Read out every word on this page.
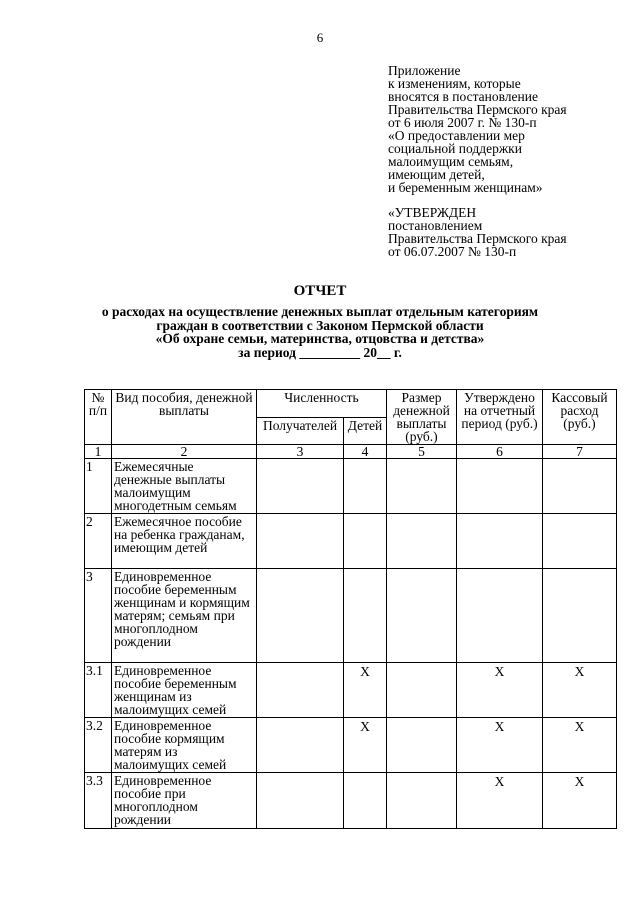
6
Приложение
к изменениям, которые
вносятся в постановление
Правительства Пермского края
от 6 июля 2007 г. № 130-п
«О предоставлении мер
социальной поддержки
малоимущим семьям,
имеющим детей,
и беременным женщинам»
«УТВЕРЖДЕН
постановлением
Правительства Пермского края
от 06.07.2007 № 130-п
ОТЧЕТ
о расходах на осуществление денежных выплат отдельным категориям
граждан в соответствии с Законом Пермской области
«Об охране семьи, материнства, отцовства и детства»
за период _________ 20__ г.
№ п/п	Вид пособия, денежной выплаты	Численность		Размер денежной выплаты (руб.)	Утверждено на отчетный период (руб.)	Кассовый расход (руб.)
		Получателей	Детей			
1	2	3	4	5	6	7
1	Ежемесячные денежные выплаты малоимущим многодетным семьям					
2	Ежемесячное пособие на ребенка гражданам, имеющим детей					
3	Единовременное пособие беременным женщинам и кормящим матерям; семьям при многоплодном рождении					
3.1	Единовременное пособие беременным женщинам из малоимущих семей		Х		Х	Х
3.2	Единовременное пособие кормящим матерям из малоимущих семей		Х		Х	Х
3.3	Единовременное пособие при многоплодном рождении				Х	Х
